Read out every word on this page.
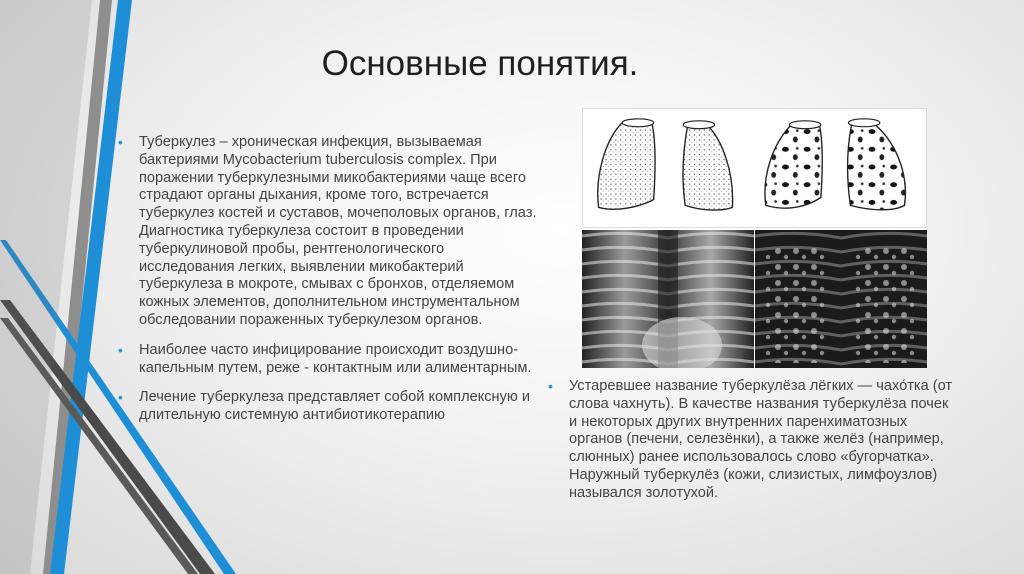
Основные понятия.
• Туберкулез – хроническая инфекция, вызываемая бактериями Mycobacterium tuberculosis complex. При поражении туберкулезными микобактериями чаще всего страдают органы дыхания, кроме того, встречается туберкулез костей и суставов, мочеполовых органов, глаз. Диагностика туберкулеза состоит в проведении туберкулиновой пробы, рентгенологического исследования легких, выявлении микобактерий туберкулеза в мокроте, смывах с бронхов, отделяемом кожных элементов, дополнительном инструментальном обследовании пораженных туберкулезом органов.
• Наиболее часто инфицирование происходит воздушно-капельным путем, реже - контактным или алиментарным.
• Лечение туберкулеза представляет собой комплексную и длительную системную антибиотикотерапию
a
• Устаревшее название туберкулёза лёгких — чахо́тка (от слова чахнуть). В качестве названия туберкулёза почек и некоторых других внутренних паренхиматозных органов (печени, селезёнки), а также желёз (например, слюнных) ранее использовалось слово «бугорчатка». Наружный туберкулёз (кожи, слизистых, лимфоузлов) назывался золотухой.
